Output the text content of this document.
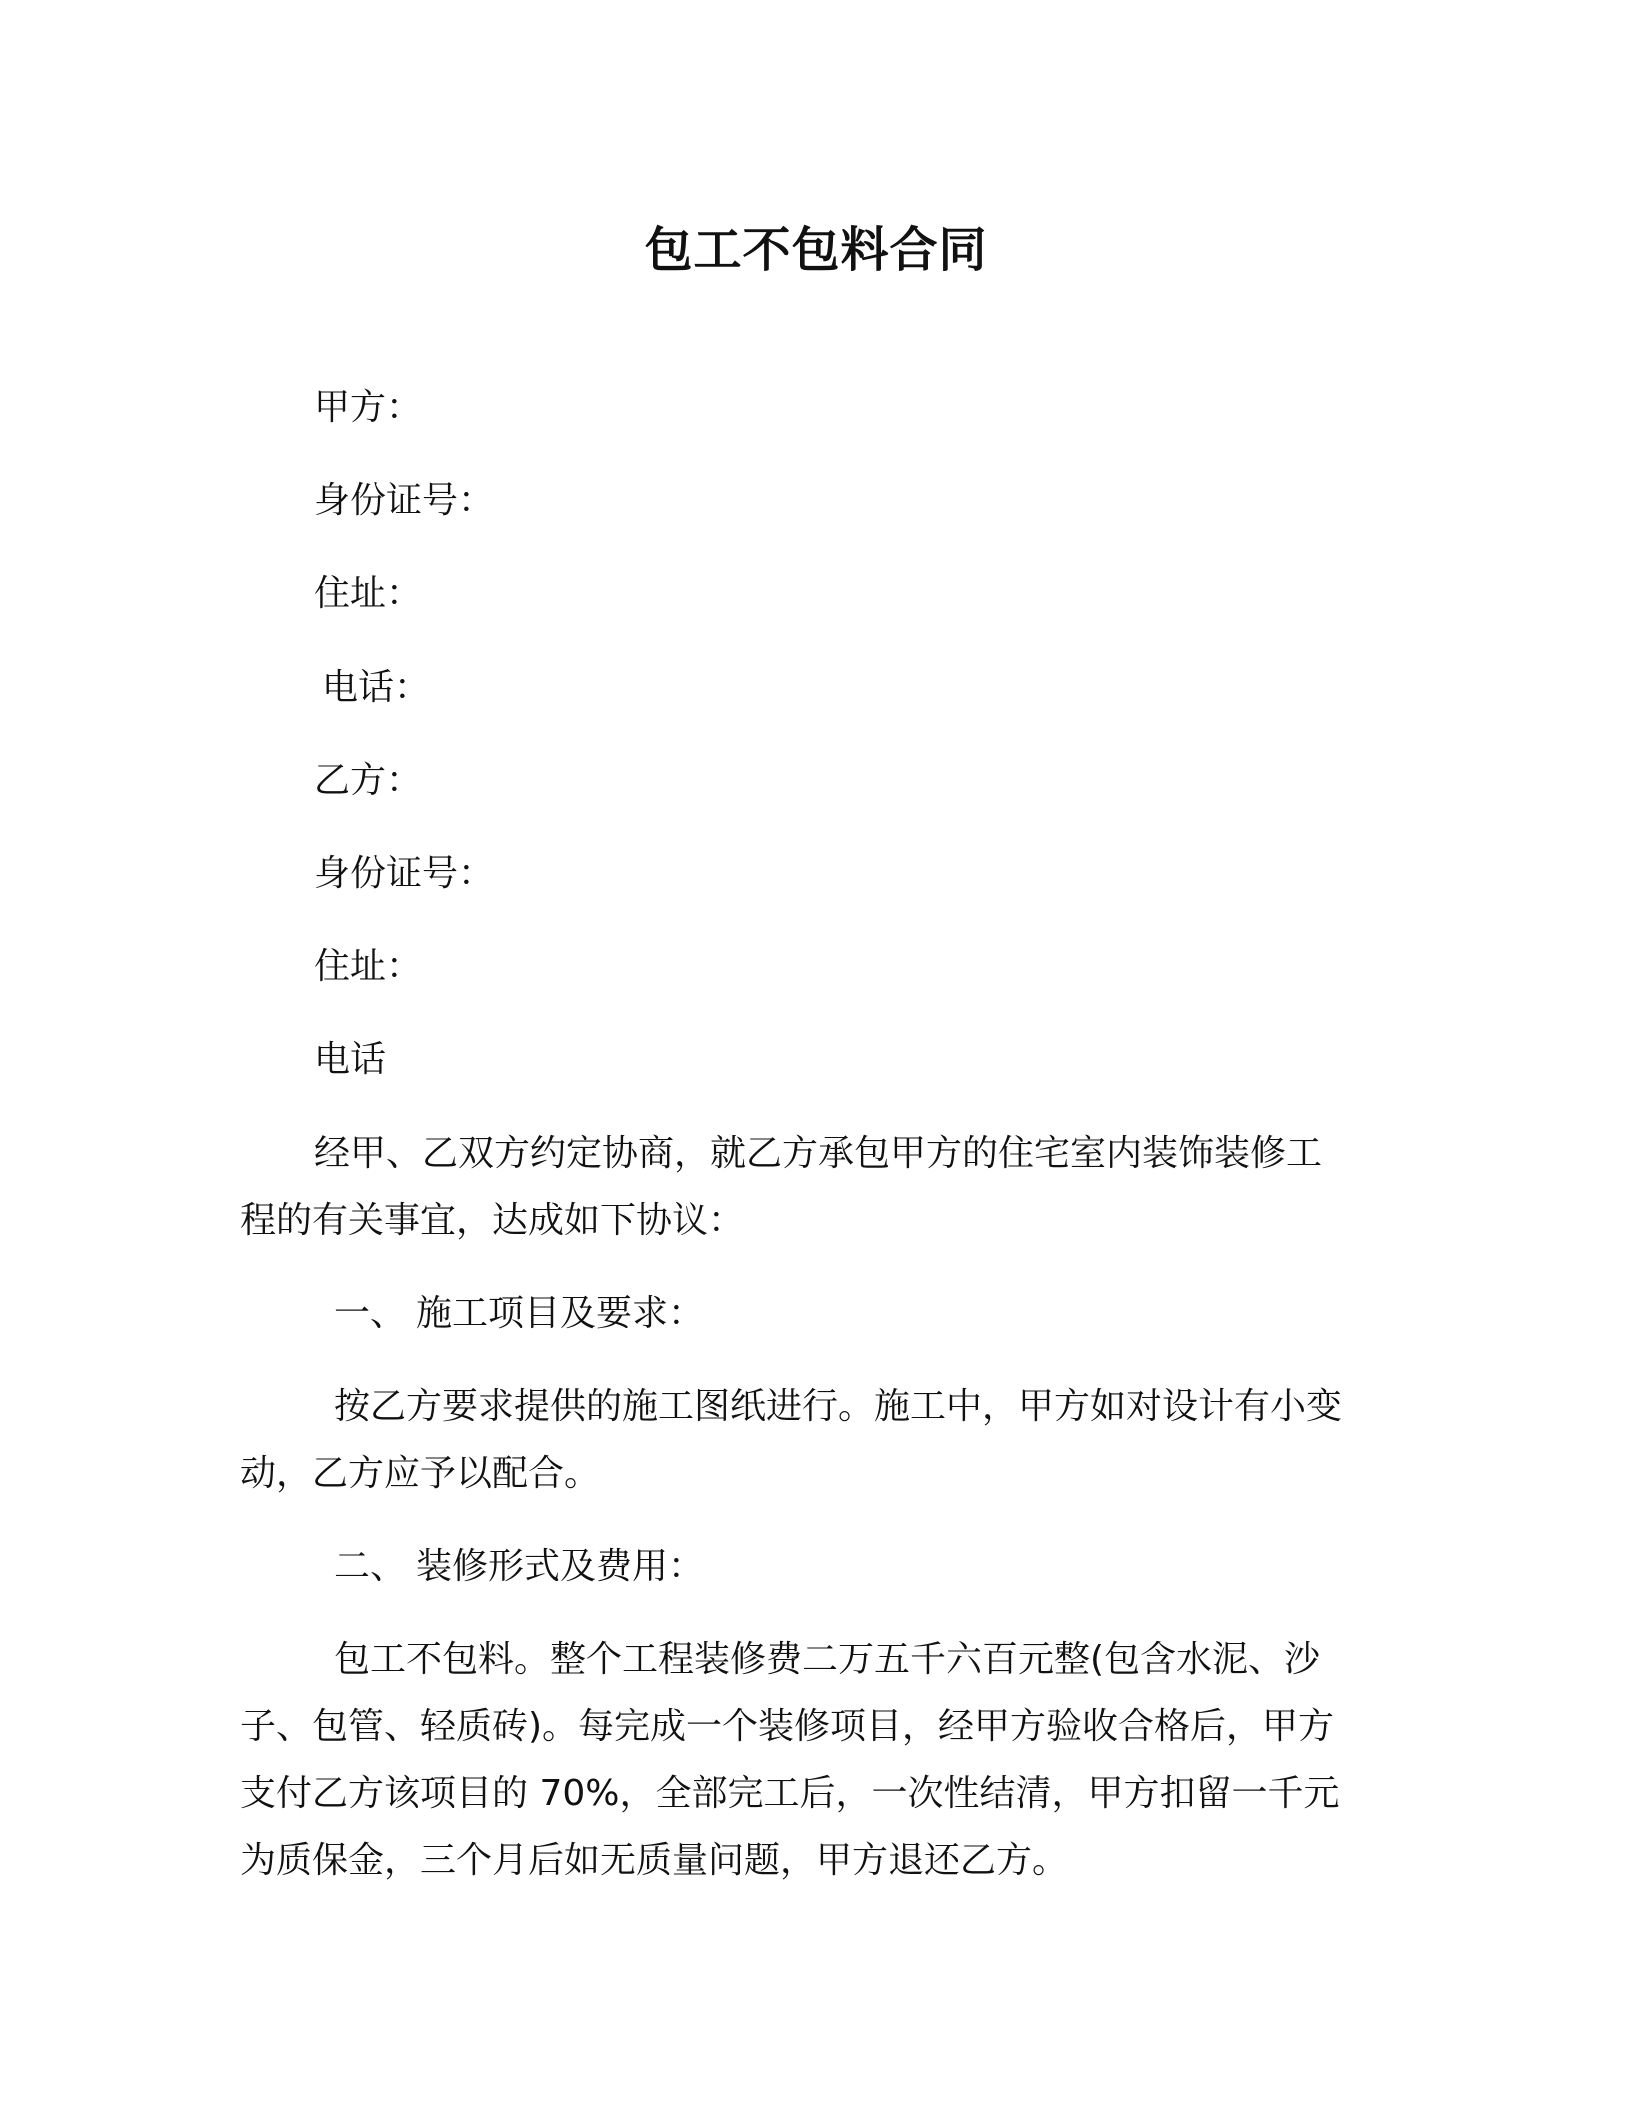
包工不包料合同
甲方：
身份证号：
住址：
电话：
乙方：
身份证号：
住址：
电话
经甲、乙双方约定协商，就乙方承包甲方的住宅室内装饰装修工
程的有关事宜，达成如下协议：
一、 施工项目及要求：
按乙方要求提供的施工图纸进行。施工中，甲方如对设计有小变
动，乙方应予以配合。
二、 装修形式及费用：
包工不包料。整个工程装修费二万五千六百元整(包含水泥、沙
子、包管、轻质砖)。每完成一个装修项目，经甲方验收合格后，甲方
支付乙方该项目的 70%，全部完工后，一次性结清，甲方扣留一千元
为质保金，三个月后如无质量问题，甲方退还乙方。
